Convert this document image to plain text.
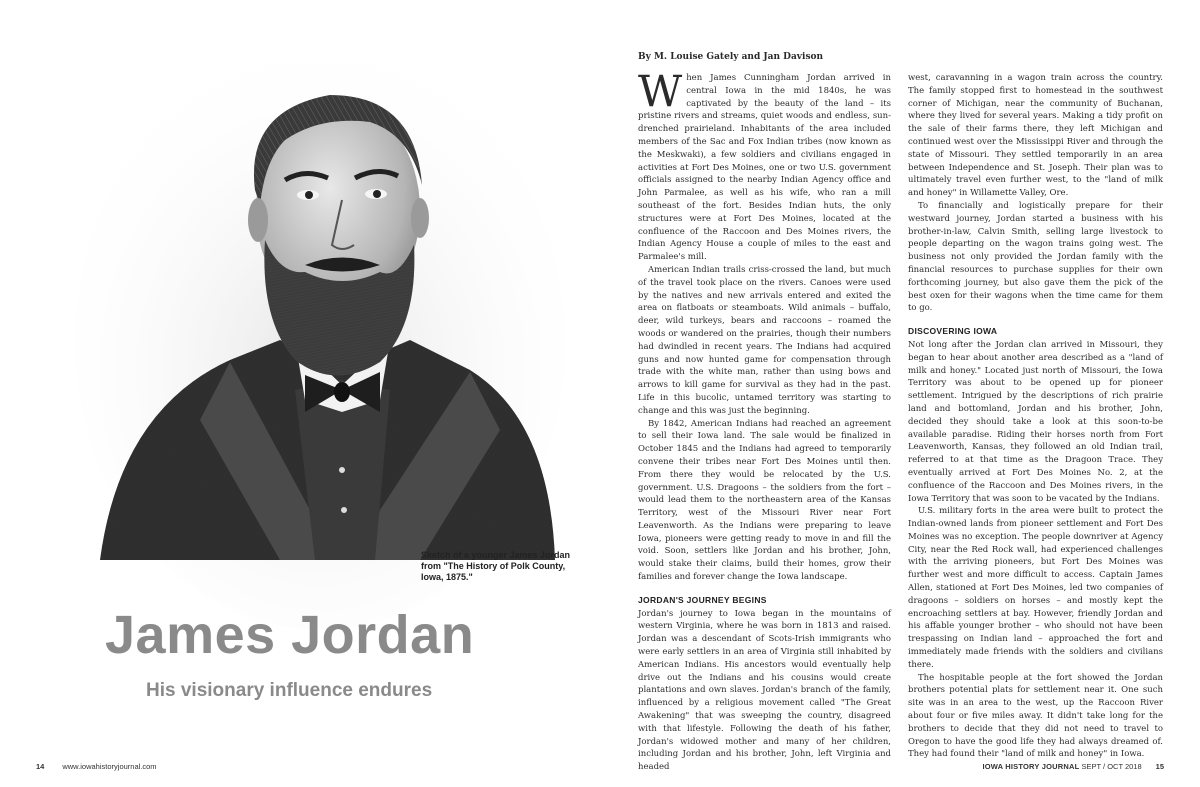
Sketch of a younger James Jordan from "The History of Polk County, Iowa, 1875."
James Jordan
His visionary influence endures
14 www.iowahistoryjournal.com
By M. Louise Gately and Jan Davison

When James Cunningham Jordan arrived in central Iowa in the mid 1840s, he was captivated by the beauty of the land – its pristine rivers and streams, quiet woods and endless, sun-drenched prairieland. Inhabitants of the area included members of the Sac and Fox Indian tribes (now known as the Meskwaki), a few soldiers and civilians engaged in activities at Fort Des Moines, one or two U.S. government officials assigned to the nearby Indian Agency office and John Parmalee, as well as his wife, who ran a mill southeast of the fort. Besides Indian huts, the only structures were at Fort Des Moines, located at the confluence of the Raccoon and Des Moines rivers, the Indian Agency House a couple of miles to the east and Parmalee's mill.

American Indian trails criss-crossed the land, but much of the travel took place on the rivers. Canoes were used by the natives and new arrivals entered and exited the area on flatboats or steamboats. Wild animals – buffalo, deer, wild turkeys, bears and raccoons – roamed the woods or wandered on the prairies, though their numbers had dwindled in recent years. The Indians had acquired guns and now hunted game for compensation through trade with the white man, rather than using bows and arrows to kill game for survival as they had in the past. Life in this bucolic, untamed territory was starting to change and this was just the beginning.

By 1842, American Indians had reached an agreement to sell their Iowa land. The sale would be finalized in October 1845 and the Indians had agreed to temporarily convene their tribes near Fort Des Moines until then. From there they would be relocated by the U.S. government. U.S. Dragoons – the soldiers from the fort – would lead them to the northeastern area of the Kansas Territory, west of the Missouri River near Fort Leavenworth. As the Indians were preparing to leave Iowa, pioneers were getting ready to move in and fill the void. Soon, settlers like Jordan and his brother, John, would stake their claims, build their homes, grow their families and forever change the Iowa landscape.

JORDAN'S JOURNEY BEGINS

Jordan's journey to Iowa began in the mountains of western Virginia, where he was born in 1813 and raised. Jordan was a descendant of Scots-Irish immigrants who were early settlers in an area of Virginia still inhabited by American Indians. His ancestors would eventually help drive out the Indians and his cousins would create plantations and own slaves. Jordan's branch of the family, influenced by a religious movement called "The Great Awakening" that was sweeping the country, disagreed with that lifestyle. Following the death of his father, Jordan's widowed mother and many of her children, including Jordan and his brother, John, left Virginia and headed

west, caravanning in a wagon train across the country. The family stopped first to homestead in the southwest corner of Michigan, near the community of Buchanan, where they lived for several years. Making a tidy profit on the sale of their farms there, they left Michigan and continued west over the Mississippi River and through the state of Missouri. They settled temporarily in an area between Independence and St. Joseph. Their plan was to ultimately travel even further west, to the "land of milk and honey" in Willamette Valley, Ore.

To financially and logistically prepare for their westward journey, Jordan started a business with his brother-in-law, Calvin Smith, selling large livestock to people departing on the wagon trains going west. The business not only provided the Jordan family with the financial resources to purchase supplies for their own forthcoming journey, but also gave them the pick of the best oxen for their wagons when the time came for them to go.

DISCOVERING IOWA

Not long after the Jordan clan arrived in Missouri, they began to hear about another area described as a "land of milk and honey." Located just north of Missouri, the Iowa Territory was about to be opened up for pioneer settlement. Intrigued by the descriptions of rich prairie land and bottomland, Jordan and his brother, John, decided they should take a look at this soon-to-be available paradise. Riding their horses north from Fort Leavenworth, Kansas, they followed an old Indian trail, referred to at that time as the Dragoon Trace. They eventually arrived at Fort Des Moines No. 2, at the confluence of the Raccoon and Des Moines rivers, in the Iowa Territory that was soon to be vacated by the Indians.

U.S. military forts in the area were built to protect the Indian-owned lands from pioneer settlement and Fort Des Moines was no exception. The people downriver at Agency City, near the Red Rock wall, had experienced challenges with the arriving pioneers, but Fort Des Moines was further west and more difficult to access. Captain James Allen, stationed at Fort Des Moines, led two companies of dragoons – soldiers on horses – and mostly kept the encroaching settlers at bay. However, friendly Jordan and his affable younger brother – who should not have been trespassing on Indian land – approached the fort and immediately made friends with the soldiers and civilians there.

The hospitable people at the fort showed the Jordan brothers potential plats for settlement near it. One such site was in an area to the west, up the Raccoon River about four or five miles away. It didn't take long for the brothers to decide that they did not need to travel to Oregon to have the good life they had always dreamed of. They had found their "land of milk and honey" in Iowa.

IOWA HISTORY JOURNAL SEPT / OCT 2018 15
